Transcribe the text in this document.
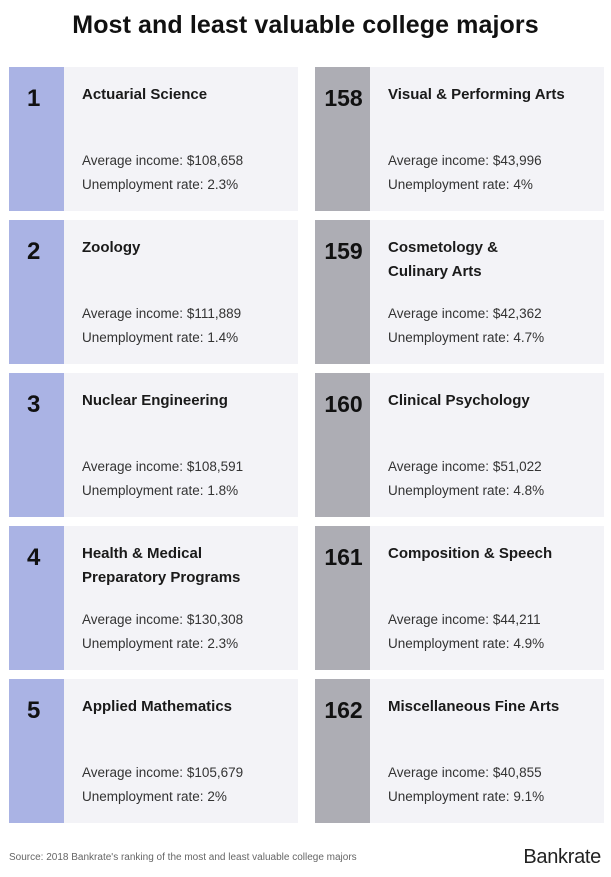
Most and least valuable college majors
1	Actuarial Science
Average income: $108,658
Unemployment rate: 2.3%
2	Zoology
Average income: $111,889
Unemployment rate: 1.4%
3	Nuclear Engineering
Average income: $108,591
Unemployment rate: 1.8%
4	Health & Medical Preparatory Programs
Average income: $130,308
Unemployment rate: 2.3%
5	Applied Mathematics
Average income: $105,679
Unemployment rate: 2%
158	Visual & Performing Arts
Average income: $43,996
Unemployment rate: 4%
159	Cosmetology & Culinary Arts
Average income: $42,362
Unemployment rate: 4.7%
160	Clinical Psychology
Average income: $51,022
Unemployment rate: 4.8%
161	Composition & Speech
Average income: $44,211
Unemployment rate: 4.9%
162	Miscellaneous Fine Arts
Average income: $40,855
Unemployment rate: 9.1%
Source: 2018 Bankrate's ranking of the most and least valuable college majors	Bankrate
